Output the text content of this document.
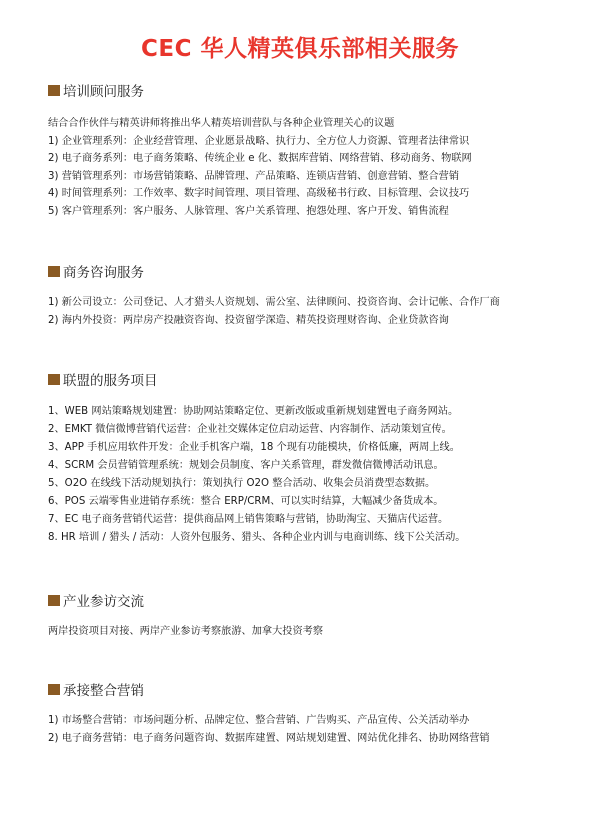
CEC 华人精英俱乐部相关服务
培训顾问服务
结合合作伙伴与精英讲师将推出华人精英培训营队与各种企业管理关心的议题
1) 企业管理系列：企业经营管理、企业愿景战略、执行力、全方位人力资源、管理者法律常识
2) 电子商务系列：电子商务策略、传统企业 e 化、数据库营销、网络营销、移动商务、物联网
3) 营销管理系列：市场营销策略、品牌管理、产品策略、连锁店营销、创意营销、整合营销
4) 时间管理系列：工作效率、数字时间管理、项目管理、高级秘书行政、目标管理、会议技巧
5) 客户管理系列：客户服务、人脉管理、客户关系管理、抱怨处理、客户开发、销售流程
商务咨询服务
1) 新公司设立：公司登记、人才猎头人资规划、需公室、法律顾问、投资咨询、会计记帐、合作厂商
2) 海内外投资：两岸房产投融资咨询、投资留学深造、精英投资理财咨询、企业贷款咨询
联盟的服务项目
1、WEB 网站策略规划建置：协助网站策略定位、更新改版或重新规划建置电子商务网站。
2、EMKT 微信微博营销代运营：企业社交媒体定位启动运营、内容制作、活动策划宣传。
3、APP 手机应用软件开发：企业手机客户端，18 个现有功能模块，价格低廉，两周上线。
4、SCRM 会员营销管理系统：规划会员制度、客户关系管理，群发微信微博活动讯息。
5、O2O 在线线下活动规划执行：策划执行 O2O 整合活动、收集会员消费型态数据。
6、POS 云端零售业进销存系统：整合 ERP/CRM、可以实时结算，大幅减少备货成本。
7、EC 电子商务营销代运营：提供商品网上销售策略与营销，协助淘宝、天猫店代运营。
8. HR 培训 / 猎头 / 活动：人资外包服务、猎头、各种企业内训与电商训练、线下公关活动。
产业参访交流
两岸投资项目对接、两岸产业参访考察旅游、加拿大投资考察
承接整合营销
1) 市场整合营销：市场问题分析、品牌定位、整合营销、广告购买、产品宣传、公关活动举办
2) 电子商务营销：电子商务问题咨询、数据库建置、网站规划建置、网站优化排名、协助网络营销
